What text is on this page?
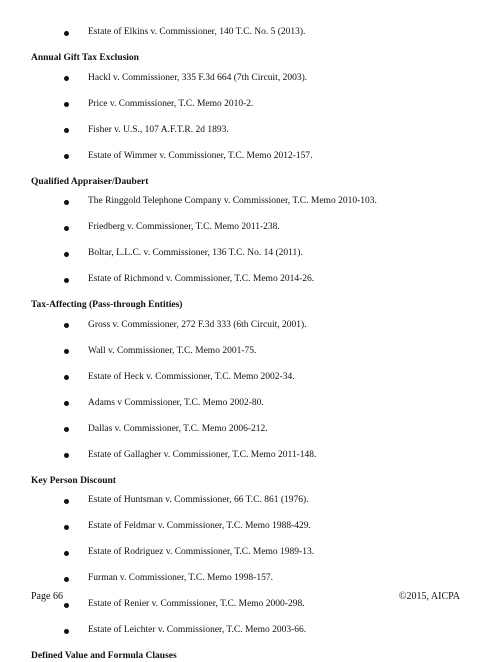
Estate of Elkins v. Commissioner, 140 T.C. No. 5 (2013).
Annual Gift Tax Exclusion
Hackl v. Commissioner, 335 F.3d 664 (7th Circuit, 2003).
Price v. Commissioner, T.C. Memo 2010-2.
Fisher v. U.S., 107 A.F.T.R. 2d 1893.
Estate of Wimmer v. Commissioner, T.C. Memo 2012-157.
Qualified Appraiser/Daubert
The Ringgold Telephone Company v. Commissioner, T.C. Memo 2010-103.
Friedberg v. Commissioner, T.C. Memo 2011-238.
Boltar, L.L.C. v. Commissioner, 136 T.C. No. 14 (2011).
Estate of Richmond v. Commissioner, T.C. Memo 2014-26.
Tax-Affecting (Pass-through Entities)
Gross v. Commissioner, 272 F.3d 333 (6th Circuit, 2001).
Wall v. Commissioner, T.C. Memo 2001-75.
Estate of Heck v. Commissioner, T.C. Memo 2002-34.
Adams v Commissioner, T.C. Memo 2002-80.
Dallas v. Commissioner, T.C. Memo 2006-212.
Estate of Gallagher v. Commissioner, T.C. Memo 2011-148.
Key Person Discount
Estate of Huntsman v. Commissioner, 66 T.C. 861 (1976).
Estate of Feldmar v. Commissioner, T.C. Memo 1988-429.
Estate of Rodriguez v. Commissioner, T.C. Memo 1989-13.
Furman v. Commissioner, T.C. Memo 1998-157.
Estate of Renier v. Commissioner, T.C. Memo 2000-298.
Estate of Leichter v. Commissioner, T.C. Memo 2003-66.
Defined Value and Formula Clauses
Page 66	©2015, AICPA
